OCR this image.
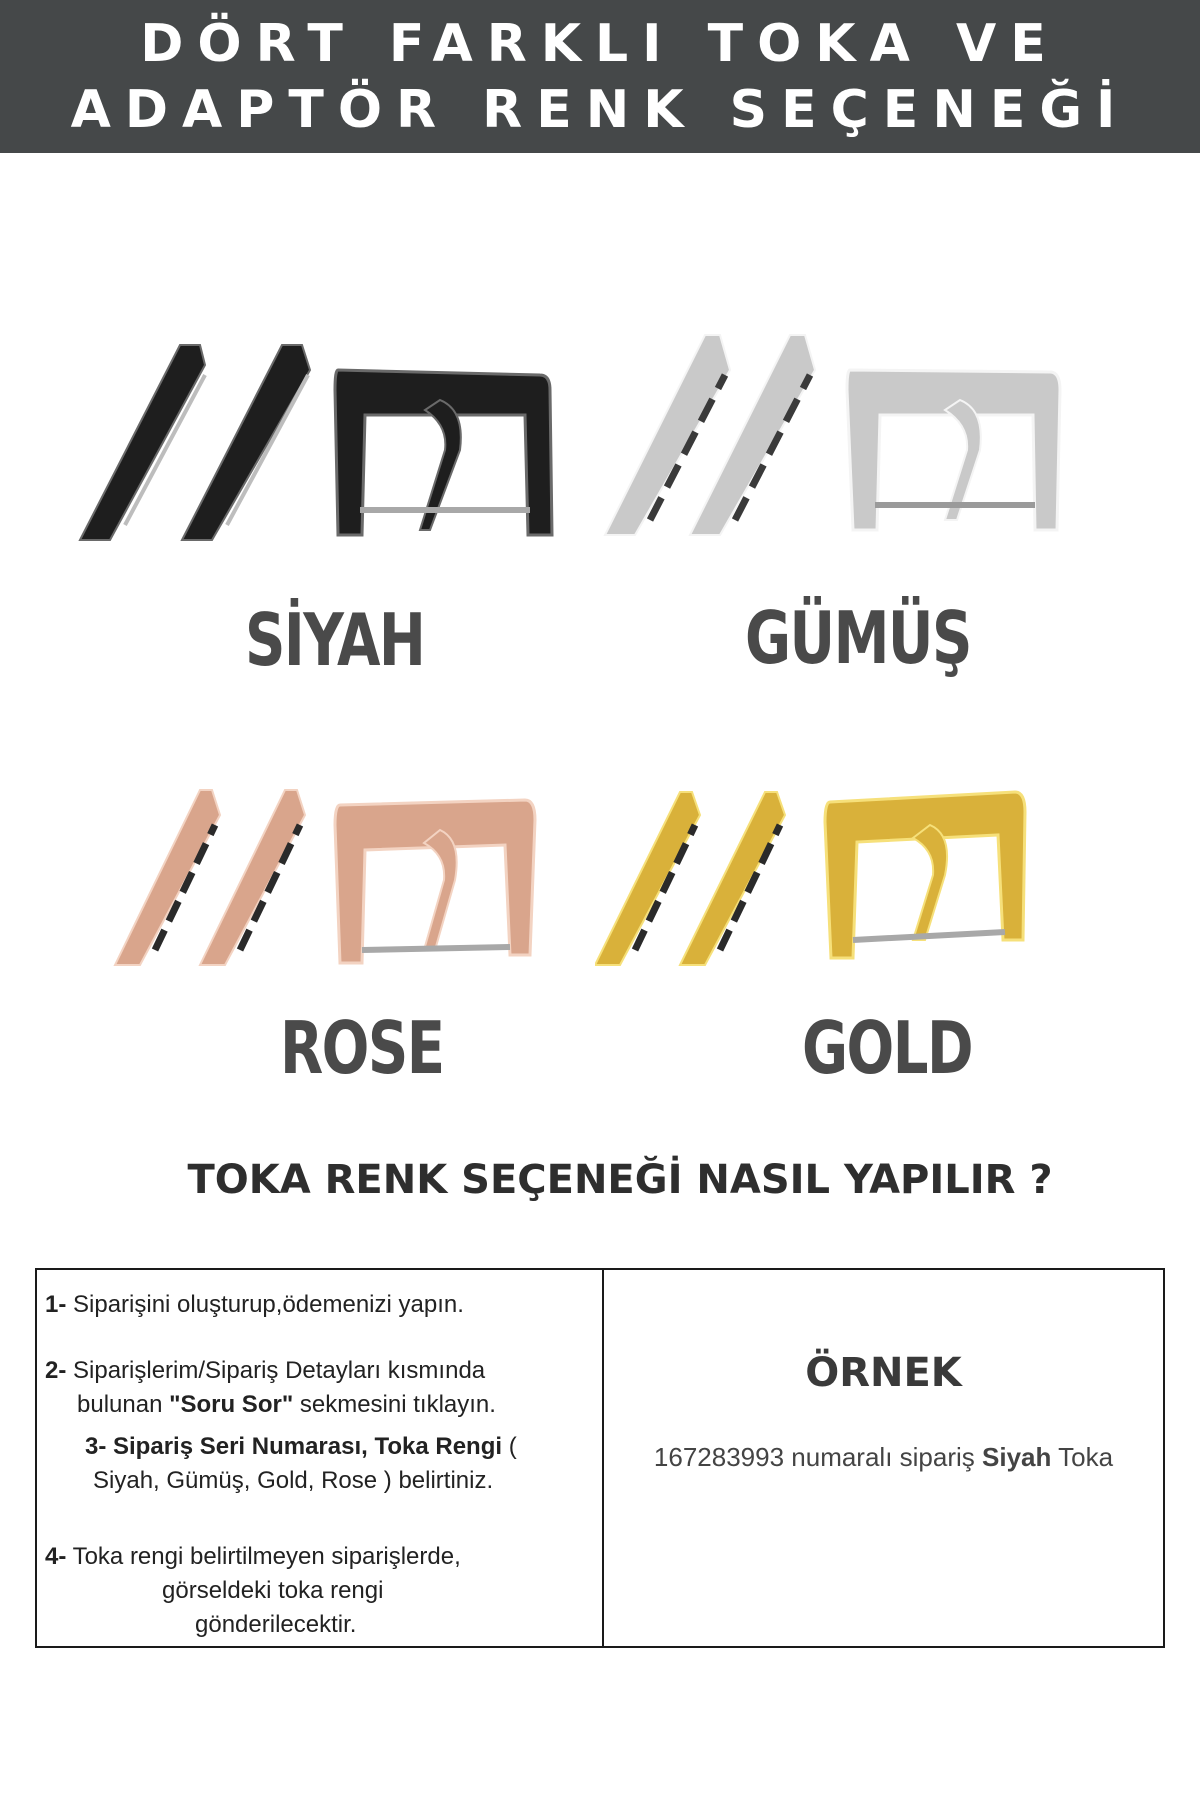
DÖRT FARKLI TOKA VE
ADAPTÖR RENK SEÇENEĞİ
SİYAH	GÜMÜŞ
ROSE	GOLD
TOKA RENK SEÇENEĞİ NASIL YAPILIR ?
1- Siparişini oluşturup,ödemenizi yapın.
2- Siparişlerim/Sipariş Detayları kısmında
bulunan "Soru Sor" sekmesini tıklayın.
3- Sipariş Seri Numarası, Toka Rengi (
Siyah, Gümüş, Gold, Rose ) belirtiniz.
4- Toka rengi belirtilmeyen siparişlerde,
görseldeki toka rengi
gönderilecektir.
ÖRNEK
167283993 numaralı sipariş Siyah Toka
